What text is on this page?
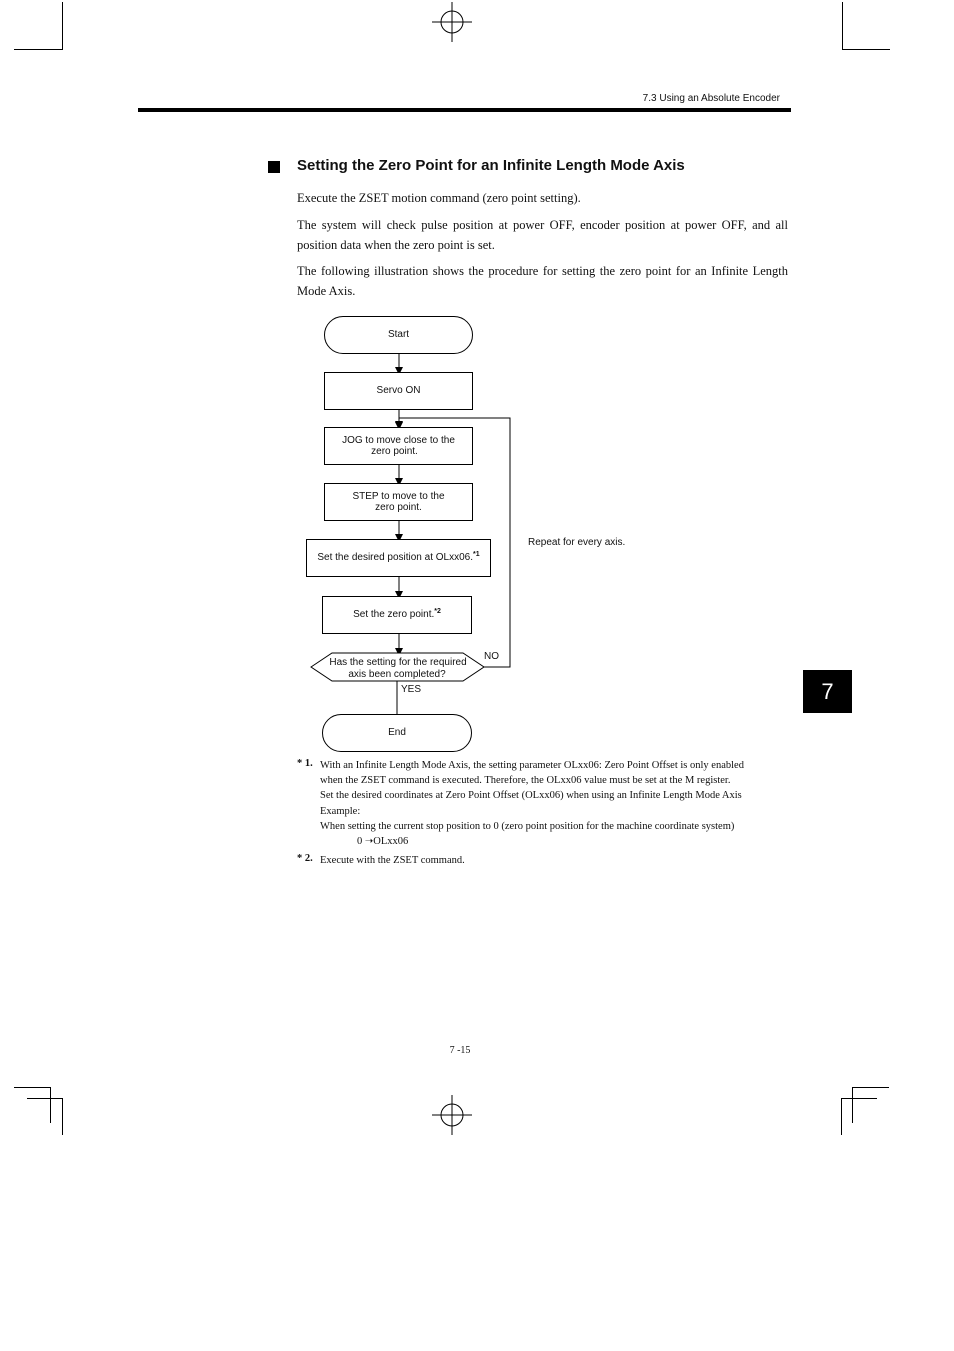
7.3 Using an Absolute Encoder
Setting the Zero Point for an Infinite Length Mode Axis
Execute the ZSET motion command (zero point setting).
The system will check pulse position at power OFF, encoder position at power OFF, and all position data when the zero point is set.
The following illustration shows the procedure for setting the zero point for an Infinite Length Mode Axis.
Start
Servo ON
JOG to move close to the
zero point.
STEP to move to the
zero point.
Set the desired position at OLxx06.$^{*1}$
Set the zero point.$^{*2}$
Has the setting for the required
axis been completed?
NO
YES
Repeat for every axis.
End
* 1. With an Infinite Length Mode Axis, the setting parameter OLxx06: Zero Point Offset is only enabled
when the ZSET command is executed. Therefore, the OLxx06 value must be set at the M register.
Set the desired coordinates at Zero Point Offset (OLxx06) when using an Infinite Length Mode Axis
Example:
When setting the current stop position to 0 (zero point position for the machine coordinate system)
0 ➝OLxx06
* 2. Execute with the ZSET command.
7
7 -15
